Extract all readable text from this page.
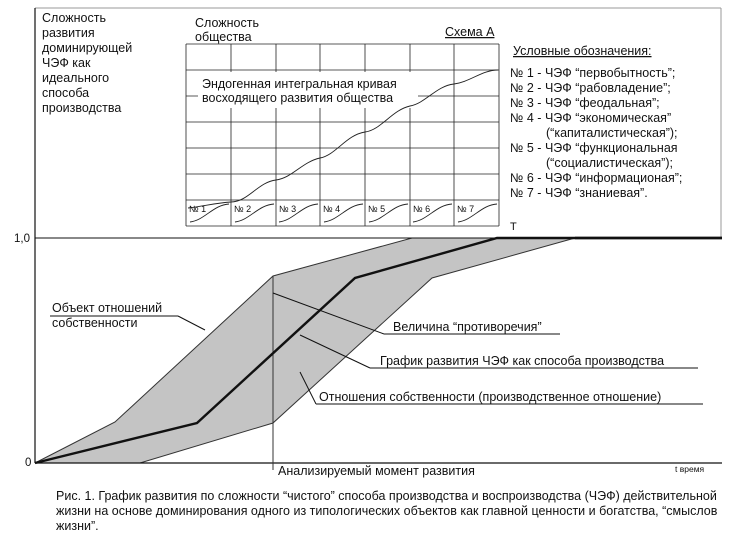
Сложность развития доминирующей ЧЭФ как идеального способа производства
1,0
0
Анализируемый момент развития	t время
Объект отношений собственности	Величина “противоречия”
График развития ЧЭФ как способа производства
Отношения собственности (производственное отношение)
№ 1	№ 2	№ 3	№ 4	№ 5	№ 6	№ 7
Сложность общества	Схема А
Эндогенная интегральная кривая восходящего развития общества
Т
Условные обозначения:
№ 1 - ЧЭФ “первобытность”;
№ 2 - ЧЭФ “рабовладение”;
№ 3 - ЧЭФ “феодальная”;
№ 4 - ЧЭФ “экономическая”
(“капиталистическая”);
№ 5 - ЧЭФ “функциональная
(“социалистическая”);
№ 6 - ЧЭФ “информационая”;
№ 7 - ЧЭФ “знаниевая”.
Рис. 1. График развития по сложности “чистого” способа производства и воспроизводства (ЧЭФ) действительной жизни на основе доминирования одного из типологических объектов как главной ценности и богатства, “смыслов жизни”.
